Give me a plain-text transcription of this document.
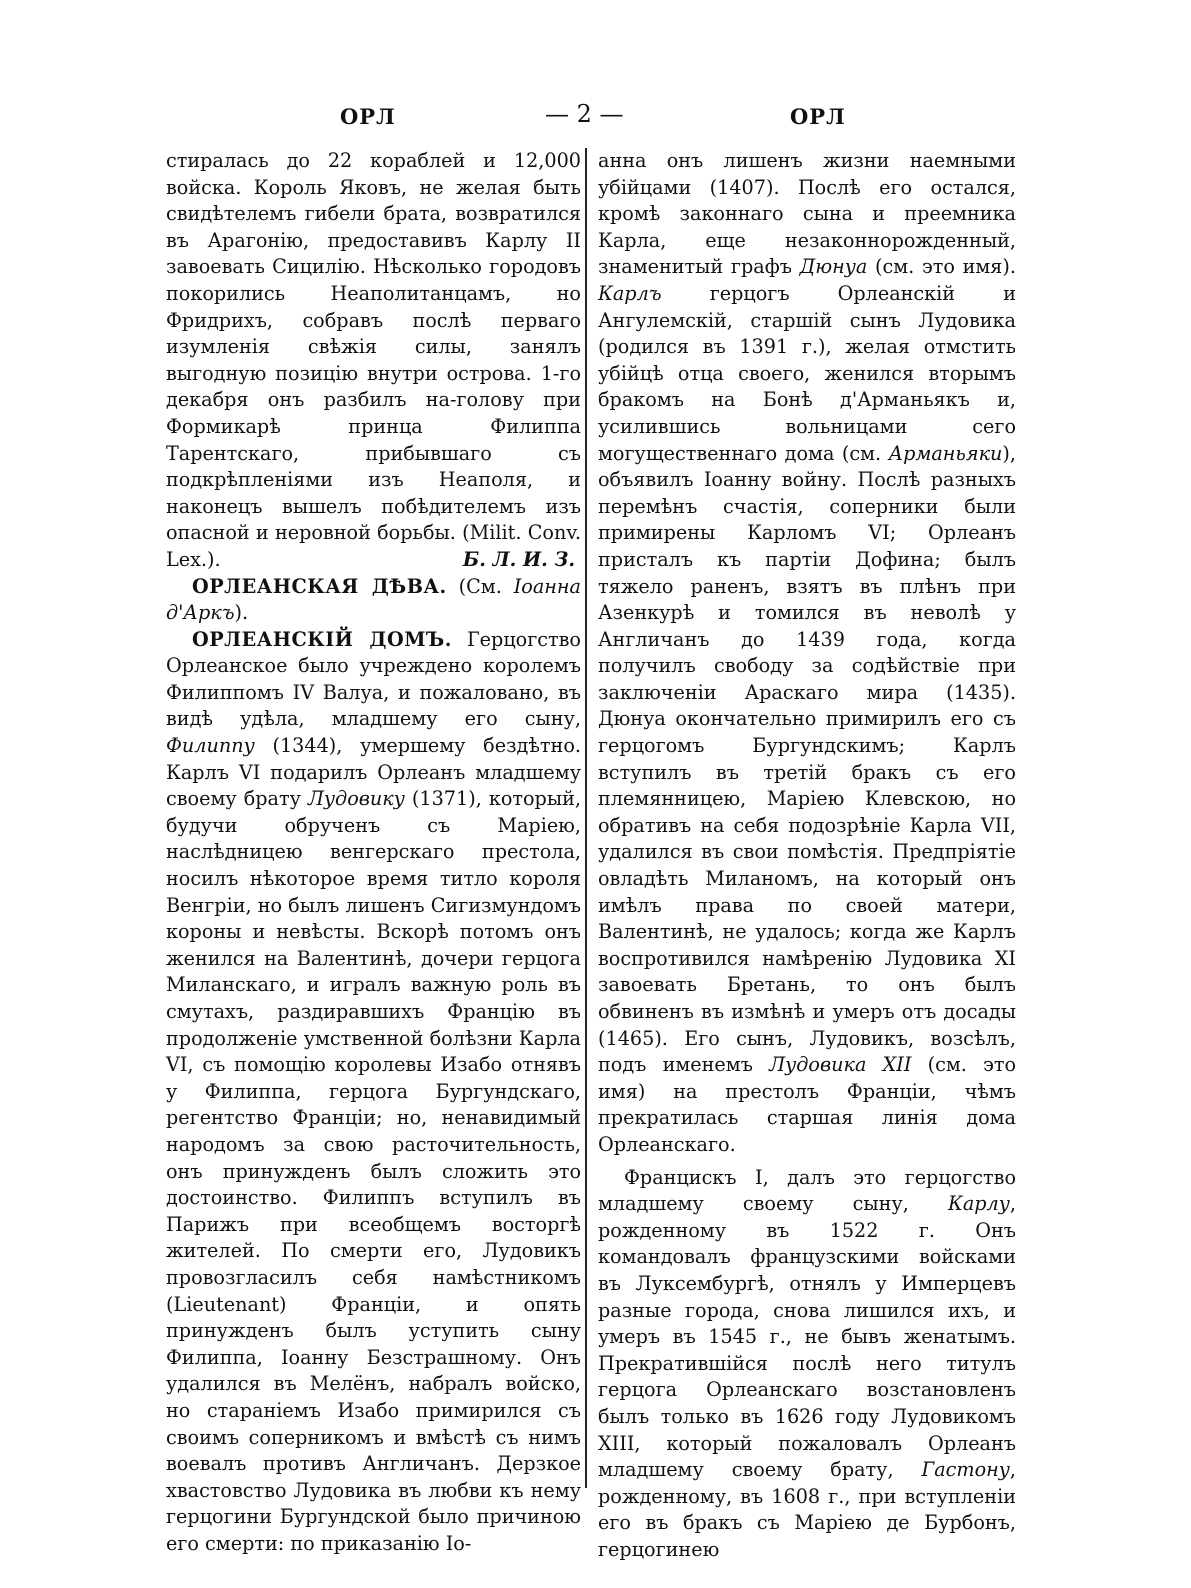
ОРЛ	— 2 —	ОРЛ

стиралась до 22 кораблей и 12,000 войска. Король Яковъ, не желая быть свидѣтелемъ гибели брата, возвратился въ Арагонію, предоставивъ Карлу II завоевать Сицилію. Нѣсколько городовъ покорились Неаполитанцамъ, но Фридрихъ, собравъ послѣ перваго изумленія свѣжія силы, занялъ выгодную позицію внутри острова. 1-го декабря онъ разбилъ на-голову при Формикарѣ принца Филиппа Тарентскаго, прибывшаго съ подкрѣпленіями изъ Неаполя, и наконецъ вышелъ побѣдителемъ изъ опасной и неровной борьбы. (Milit. Conv. Lex.).	Б. Л. И. З.

ОРЛЕАНСКАЯ ДѢВА. (См. Іоанна д'Аркъ).

ОРЛЕАНСКІЙ ДОМЪ. Герцогство Орлеанское было учреждено королемъ Филиппомъ IV Валуа, и пожаловано, въ видѣ удѣла, младшему его сыну, Филиппу (1344), умершему бездѣтно. Карлъ VI подарилъ Орлеанъ младшему своему брату Лудовику (1371), который, будучи обрученъ съ Маріею, наслѣдницею венгерскаго престола, носилъ нѣкоторое время титло короля Венгріи, но былъ лишенъ Сигизмундомъ короны и невѣсты. Вскорѣ потомъ онъ женился на Валентинѣ, дочери герцога Миланскаго, и игралъ важную роль въ смутахъ, раздиравшихъ Францію въ продолженіе умственной болѣзни Карла VI, съ помощію королевы Изабо отнявъ у Филиппа, герцога Бургундскаго, регентство Франціи; но, ненавидимый народомъ за свою расточительность, онъ принужденъ былъ сложить это достоинство. Филиппъ вступилъ въ Парижъ при всеобщемъ восторгѣ жителей. По смерти его, Лудовикъ провозгласилъ себя намѣстникомъ (Lieutenant) Франціи, и опять принужденъ былъ уступить сыну Филиппа, Іоанну Безстрашному. Онъ удалился въ Мелёнъ, набралъ войско, но стараніемъ Изабо примирился съ своимъ соперникомъ и вмѣстѣ съ нимъ воевалъ противъ Англичанъ. Дерзкое хвастовство Лудовика въ любви къ нему герцогини Бургундской было причиною его смерти: по приказанію Іо-

анна онъ лишенъ жизни наемными убійцами (1407). Послѣ его остался, кромѣ законнаго сына и преемника Карла, еще незаконнорожденный, знаменитый графъ Дюнуа (см. это имя). Карлъ герцогъ Орлеанскій и Ангулемскій, старшій сынъ Лудовика (родился въ 1391 г.), желая отмстить убійцѣ отца своего, женился вторымъ бракомъ на Бонѣ д'Арманьякъ и, усилившись вольницами сего могущественнаго дома (см. Арманьяки), объявилъ Іоанну войну. Послѣ разныхъ перемѣнъ счастія, соперники были примирены Карломъ VI; Орлеанъ присталъ къ партіи Дофина; былъ тяжело раненъ, взятъ въ плѣнъ при Азенкурѣ и томился въ неволѣ у Англичанъ до 1439 года, когда получилъ свободу за содѣйствіе при заключеніи Араскаго мира (1435). Дюнуа окончательно примирилъ его съ герцогомъ Бургундскимъ; Карлъ вступилъ въ третій бракъ съ его племянницею, Маріею Клевскою, но обративъ на себя подозрѣніе Карла VII, удалился въ свои помѣстія. Предпріятіе овладѣть Миланомъ, на который онъ имѣлъ права по своей матери, Валентинѣ, не удалось; когда же Карлъ воспротивился намѣренію Лудовика XI завоевать Бретань, то онъ былъ обвиненъ въ измѣнѣ и умеръ отъ досады (1465). Его сынъ, Лудовикъ, возсѣлъ, подъ именемъ Лудовика XII (см. это имя) на престолъ Франціи, чѣмъ прекратилась старшая линія дома Орлеанскаго.

Францискъ I, далъ это герцогство младшему своему сыну, Карлу, рожденному въ 1522 г. Онъ командовалъ французскими войсками въ Луксембургѣ, отнялъ у Имперцевъ разные города, снова лишился ихъ, и умеръ въ 1545 г., не бывъ женатымъ. Прекратившійся послѣ него титулъ герцога Орлеанскаго возстановленъ былъ только въ 1626 году Лудовикомъ XIII, который пожаловалъ Орлеанъ младшему своему брату, Гастону, рожденному, въ 1608 г., при вступленіи его въ бракъ съ Маріею де Бурбонъ, герцогинею
